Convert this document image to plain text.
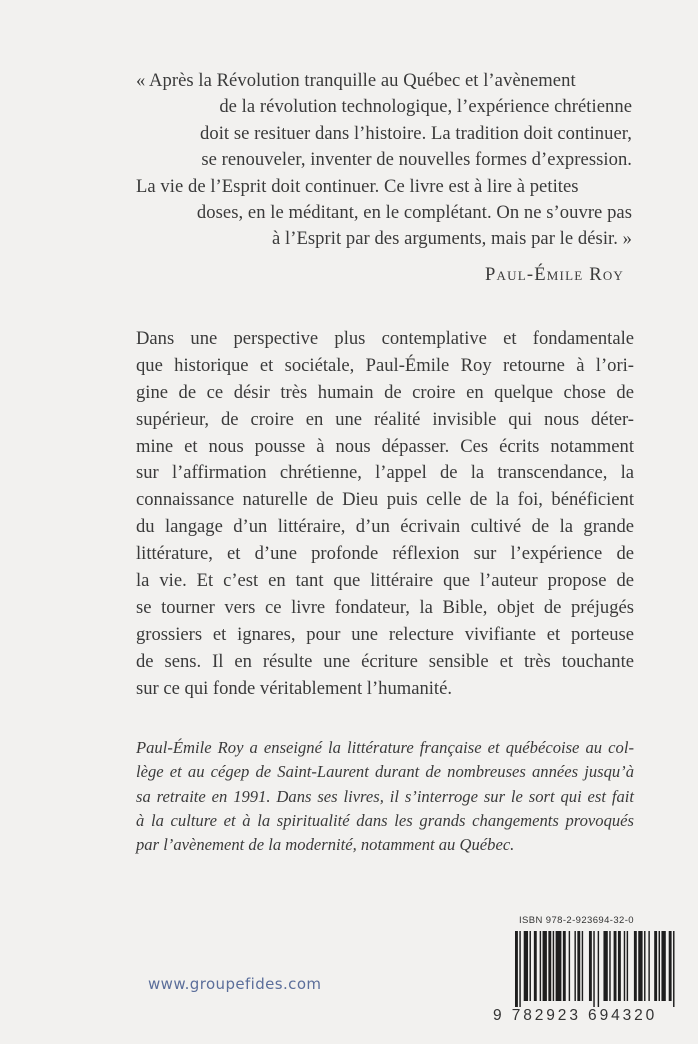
« Après la Révolution tranquille au Québec et l’avènement
de la révolution technologique, l’expérience chrétienne
doit se resituer dans l’histoire. La tradition doit continuer,
se renouveler, inventer de nouvelles formes d’expression.
La vie de l’Esprit doit continuer. Ce livre est à lire à petites
doses, en le méditant, en le complétant. On ne s’ouvre pas
à l’Esprit par des arguments, mais par le désir. »
Paul-Émile Roy
Dans une perspective plus contemplative et fondamentale
que historique et sociétale, Paul-Émile Roy retourne à l’ori-
gine de ce désir très humain de croire en quelque chose de
supérieur, de croire en une réalité invisible qui nous déter-
mine et nous pousse à nous dépasser. Ces écrits notamment
sur l’affirmation chrétienne, l’appel de la transcendance, la
connaissance naturelle de Dieu puis celle de la foi, bénéficient
du langage d’un littéraire, d’un écrivain cultivé de la grande
littérature, et d’une profonde réflexion sur l’expérience de
la vie. Et c’est en tant que littéraire que l’auteur propose de
se tourner vers ce livre fondateur, la Bible, objet de préjugés
grossiers et ignares, pour une relecture vivifiante et porteuse
de sens. Il en résulte une écriture sensible et très touchante
sur ce qui fonde véritablement l’humanité.
Paul-Émile Roy a enseigné la littérature française et québécoise au col-
lège et au cégep de Saint-Laurent durant de nombreuses années jusqu’à
sa retraite en 1991. Dans ses livres, il s’interroge sur le sort qui est fait
à la culture et à la spiritualité dans les grands changements provoqués
par l’avènement de la modernité, notamment au Québec.
www.groupefides.com
ISBN 978-2-923694-32-0
9 782923 694320
